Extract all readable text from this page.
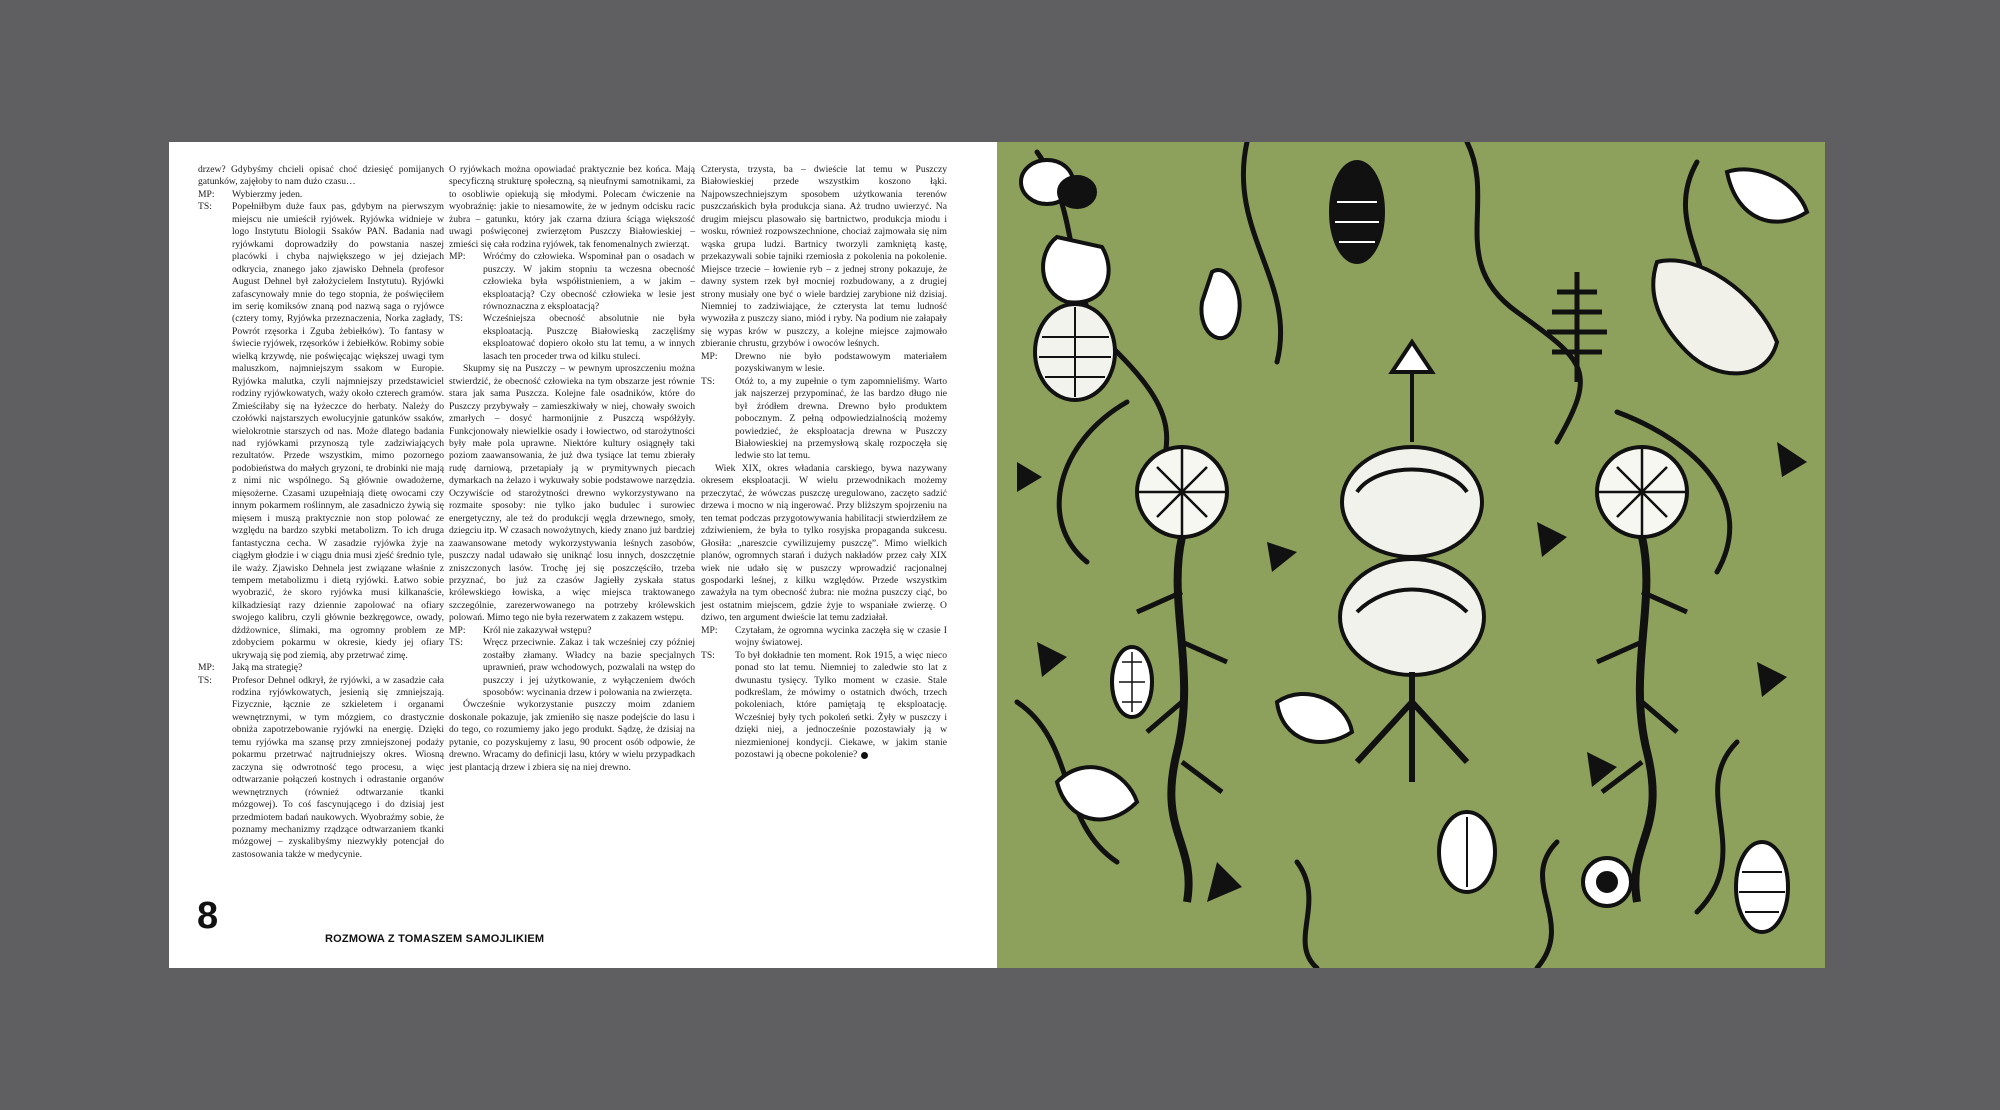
drzew? Gdybyśmy chcieli opisać choć dziesięć pomijanych gatunków, zajęłoby to nam dużo czasu…

MP:	Wybierzmy jeden.
TS:	Popełniłbym duże faux pas, gdybym na pierwszym miejscu nie umieścił ryjówek. Ryjówka widnieje w logo Instytutu Biologii Ssaków PAN. Badania nad ryjówkami doprowadziły do powstania naszej placówki i chyba największego w jej dziejach odkrycia, znanego jako zjawisko Dehnela (profesor August Dehnel był założycielem Instytutu). Ryjówki zafascynowały mnie do tego stopnia, że poświęciłem im serię komiksów znaną pod nazwą saga o ryjówce (cztery tomy, Ryjówka przeznaczenia, Norka zagłady, Powrót rzęsorka i Zguba żebiełków). To fantasy w świecie ryjówek, rzęsorków i żebiełków. Robimy sobie wielką krzywdę, nie poświęcając większej uwagi tym maluszkom, najmniejszym ssakom w Europie. Ryjówka malutka, czyli najmniejszy przedstawiciel rodziny ryjówkowatych, waży około czterech gramów. Zmieściłaby się na łyżeczce do herbaty. Należy do czołówki najstarszych ewolucyjnie gatunków ssaków, wielokrotnie starszych od nas. Może dlatego badania nad ryjówkami przynoszą tyle zadziwiających rezultatów. Przede wszystkim, mimo pozornego podobieństwa do małych gryzoni, te drobinki nie mają z nimi nic wspólnego. Są głównie owadożerne, mięsożerne. Czasami uzupełniają dietę owocami czy innym pokarmem roślinnym, ale zasadniczo żywią się mięsem i muszą praktycznie non stop polować ze względu na bardzo szybki metabolizm. To ich druga fantastyczna cecha. W zasadzie ryjówka żyje na ciągłym głodzie i w ciągu dnia musi zjeść średnio tyle, ile waży. Zjawisko Dehnela jest związane właśnie z tempem metabolizmu i dietą ryjówki. Łatwo sobie wyobrazić, że skoro ryjówka musi kilkanaście, kilkadziesiąt razy dziennie zapolować na ofiary swojego kalibru, czyli głównie bezkręgowce, owady, dżdżownice, ślimaki, ma ogromny problem ze zdobyciem pokarmu w okresie, kiedy jej ofiary ukrywają się pod ziemią, aby przetrwać zimę.
MP:	Jaką ma strategię?
TS:	Profesor Dehnel odkrył, że ryjówki, a w zasadzie cała rodzina ryjówkowatych, jesienią się zmniejszają. Fizycznie, łącznie ze szkieletem i organami wewnętrznymi, w tym mózgiem, co drastycznie obniża zapotrzebowanie ryjówki na energię. Dzięki temu ryjówka ma szansę przy zmniejszonej podaży pokarmu przetrwać najtrudniejszy okres. Wiosną zaczyna się odwrotność tego procesu, a więc odtwarzanie połączeń kostnych i odrastanie organów wewnętrznych (również odtwarzanie tkanki mózgowej). To coś fascynującego i do dzisiaj jest przedmiotem badań naukowych. Wyobraźmy sobie, że poznamy mechanizmy rządzące odtwarzaniem tkanki mózgowej – zyskalibyśmy niezwykły potencjał do zastosowania także w medycynie.

O ryjówkach można opowiadać praktycznie bez końca. Mają specyficzną strukturę społeczną, są nieufnymi samotnikami, za to osobliwie opiekują się młodymi. Polecam ćwiczenie na wyobraźnię: jakie to niesamowite, że w jednym odcisku racic żubra – gatunku, który jak czarna dziura ściąga większość uwagi poświęconej zwierzętom Puszczy Białowieskiej – zmieści się cała rodzina ryjówek, tak fenomenalnych zwierząt.

MP:	Wróćmy do człowieka. Wspominał pan o osadach w puszczy. W jakim stopniu ta wczesna obecność człowieka była współistnieniem, a w jakim – eksploatacją? Czy obecność człowieka w lesie jest równoznaczna z eksploatacją?
TS:	Wcześniejsza obecność absolutnie nie była eksploatacją. Puszczę Białowieską zaczęliśmy eksploatować dopiero około stu lat temu, a w innych lasach ten proceder trwa od kilku stuleci.

Skupmy się na Puszczy – w pewnym uproszczeniu można stwierdzić, że obecność człowieka na tym obszarze jest równie stara jak sama Puszcza. Kolejne fale osadników, które do Puszczy przybywały – zamieszkiwały w niej, chowały swoich zmarłych – dosyć harmonijnie z Puszczą współżyły. Funkcjonowały niewielkie osady i łowiectwo, od starożytności były małe pola uprawne. Niektóre kultury osiągnęły taki poziom zaawansowania, że już dwa tysiące lat temu zbierały rudę darniową, przetapiały ją w prymitywnych piecach dymarkach na żelazo i wykuwały sobie podstawowe narzędzia. Oczywiście od starożytności drewno wykorzystywano na rozmaite sposoby: nie tylko jako budulec i surowiec energetyczny, ale też do produkcji węgla drzewnego, smoły, dziegciu itp. W czasach nowożytnych, kiedy znano już bardziej zaawansowane metody wykorzystywania leśnych zasobów, puszczy nadal udawało się uniknąć losu innych, doszczętnie zniszczonych lasów. Trochę jej się poszczęściło, trzeba przyznać, bo już za czasów Jagiełły zyskała status królewskiego łowiska, a więc miejsca traktowanego szczególnie, zarezerwowanego na potrzeby królewskich polowań. Mimo tego nie była rezerwatem z zakazem wstępu.

MP:	Król nie zakazywał wstępu?
TS:	Wręcz przeciwnie. Zakaz i tak wcześniej czy później zostałby złamany. Władcy na bazie specjalnych uprawnień, praw wchodowych, pozwalali na wstęp do puszczy i jej użytkowanie, z wyłączeniem dwóch sposobów: wycinania drzew i polowania na zwierzęta.

Ówcześnie wykorzystanie puszczy moim zdaniem doskonale pokazuje, jak zmieniło się nasze podejście do lasu i do tego, co rozumiemy jako jego produkt. Sądzę, że dzisiaj na pytanie, co pozyskujemy z lasu, 90 procent osób odpowie, że drewno. Wracamy do definicji lasu, który w wielu przypadkach jest plantacją drzew i zbiera się na niej drewno.

Czterysta, trzysta, ba – dwieście lat temu w Puszczy Białowieskiej przede wszystkim koszono łąki. Najpowszechniejszym sposobem użytkowania terenów puszczańskich była produkcja siana. Aż trudno uwierzyć. Na drugim miejscu plasowało się bartnictwo, produkcja miodu i wosku, również rozpowszechnione, chociaż zajmowała się nim wąska grupa ludzi. Bartnicy tworzyli zamkniętą kastę, przekazywali sobie tajniki rzemiosła z pokolenia na pokolenie. Miejsce trzecie – łowienie ryb – z jednej strony pokazuje, że dawny system rzek był mocniej rozbudowany, a z drugiej strony musiały one być o wiele bardziej zarybione niż dzisiaj. Niemniej to zadziwiające, że czterysta lat temu ludność wywoziła z puszczy siano, miód i ryby. Na podium nie załapały się wypas krów w puszczy, a kolejne miejsce zajmowało zbieranie chrustu, grzybów i owoców leśnych.

MP:	Drewno nie było podstawowym materiałem pozyskiwanym w lesie.
TS:	Otóż to, a my zupełnie o tym zapomnieliśmy. Warto jak najszerzej przypominać, że las bardzo długo nie był źródłem drewna. Drewno było produktem pobocznym. Z pełną odpowiedzialnością możemy powiedzieć, że eksploatacja drewna w Puszczy Białowieskiej na przemysłową skalę rozpoczęła się ledwie sto lat temu.

Wiek XIX, okres władania carskiego, bywa nazywany okresem eksploatacji. W wielu przewodnikach możemy przeczytać, że wówczas puszczę uregulowano, zaczęto sadzić drzewa i mocno w nią ingerować. Przy bliższym spojrzeniu na ten temat podczas przygotowywania habilitacji stwierdziłem ze zdziwieniem, że była to tylko rosyjska propaganda sukcesu. Głosiła: „nareszcie cywilizujemy puszczę”. Mimo wielkich planów, ogromnych starań i dużych nakładów przez cały XIX wiek nie udało się w puszczy wprowadzić racjonalnej gospodarki leśnej, z kilku względów. Przede wszystkim zaważyła na tym obecność żubra: nie można puszczy ciąć, bo jest ostatnim miejscem, gdzie żyje to wspaniałe zwierzę. O dziwo, ten argument dwieście lat temu zadziałał.

MP:	Czytałam, że ogromna wycinka zaczęła się w czasie I wojny światowej.
TS:	To był dokładnie ten moment. Rok 1915, a więc nieco ponad sto lat temu. Niemniej to zaledwie sto lat z dwunastu tysięcy. Tylko moment w czasie. Stale podkreślam, że mówimy o ostatnich dwóch, trzech pokoleniach, które pamiętają tę eksploatację. Wcześniej były tych pokoleń setki. Żyły w puszczy i dzięki niej, a jednocześnie pozostawiały ją w niezmienionej kondycji. Ciekawe, w jakim stanie pozostawi ją obecne pokolenie?
8
ROZMOWA Z TOMASZEM SAMOJLIKIEM
